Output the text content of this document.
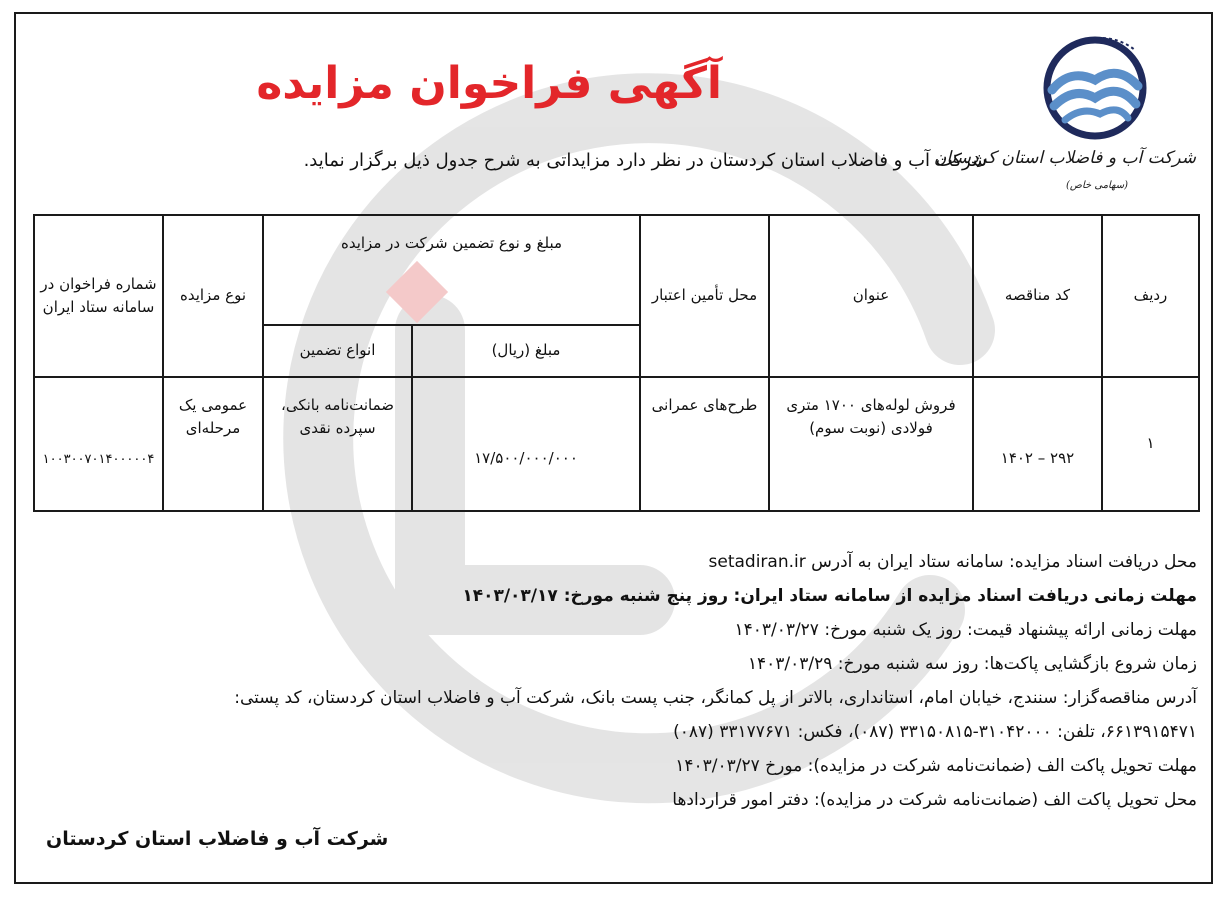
شرکت آب و فاضلاب استان کردستان
(سهامی خاص)
آگهی فراخوان مزایده
شرکت آب و فاضلاب استان کردستان در نظر دارد مزایداتی به شرح جدول ذیل برگزار نماید.
ردیف	کد مناقصه	عنوان	محل تأمین اعتبار	مبلغ و نوع تضمین شرکت در مزایده		نوع مزایده	شماره فراخوان در سامانه ستاد ایران
				مبلغ (ریال)	انواع تضمین		
۱	۲۹۲ – ۱۴۰۲	فروش لوله‌های ۱۷۰۰ متری فولادی (نوبت سوم)	طرح‌های عمرانی	۱۷/۵۰۰/۰۰۰/۰۰۰	ضمانت‌نامه بانکی، سپرده نقدی	عمومی یک مرحله‌ای	۱۰۰۳۰۰۷۰۱۴۰۰۰۰۰۴
محل دریافت اسناد مزایده: سامانه ستاد ایران به آدرس setadiran.ir
مهلت زمانی دریافت اسناد مزایده از سامانه ستاد ایران: روز پنج شنبه مورخ: ۱۴۰۳/۰۳/۱۷
مهلت زمانی ارائه پیشنهاد قیمت: روز یک شنبه مورخ: ۱۴۰۳/۰۳/۲۷
زمان شروع بازگشایی پاکت‌ها: روز سه شنبه مورخ: ۱۴۰۳/۰۳/۲۹
آدرس مناقصه‌گزار: سنندج، خیابان امام، استانداری، بالاتر از پل کمانگر، جنب پست بانک، شرکت آب و فاضلاب استان کردستان، کد پستی:
۶۶۱۳۹۱۵۴۷۱، تلفن: ۳۱۰۴۲۰۰۰-۳۳۱۵۰۸۱۵ (۰۸۷)، فکس: ۳۳۱۷۷۶۷۱ (۰۸۷)
مهلت تحویل پاکت الف (ضمانت‌نامه شرکت در مزایده): مورخ ۱۴۰۳/۰۳/۲۷
محل تحویل پاکت الف (ضمانت‌نامه شرکت در مزایده): دفتر امور قراردادها
شرکت آب و فاضلاب استان کردستان
